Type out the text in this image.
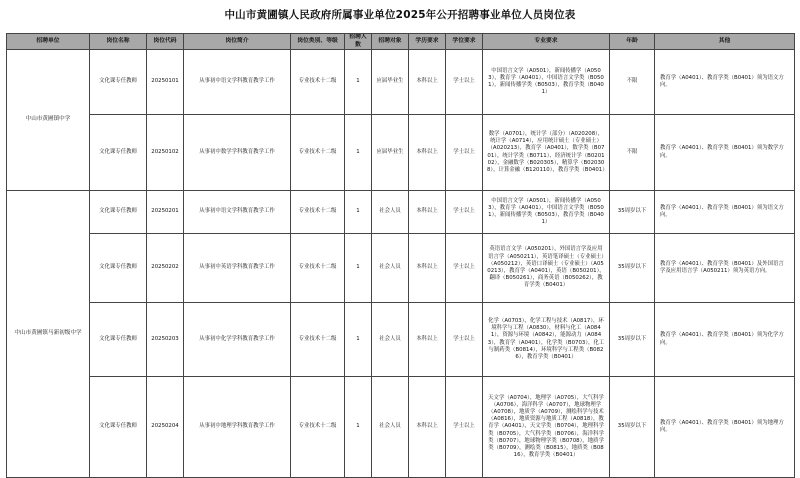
中山市黄圃镇人民政府所属事业单位2025年公开招聘事业单位人员岗位表
招聘单位	岗位名称	岗位代码	岗位简介	岗位类别、等级	招聘人数	招聘对象	学历要求	学位要求	专业要求	年龄	其他
中山市黄圃镇中学	文化课专任教师	20250101	从事初中语文学科教育教学工作	专业技术十二级	1	应届毕业生	本科以上	学士以上	中国语言文学（A0501），新闻传播学（A0503），教育学（A0401），中国语言文学类（B0501），新闻传播学类（B0503），教育学类（B0401）	不限	教育学（A0401）、教育学类（B0401）须为语文方向。
	文化课专任教师	20250102	从事初中数学学科教育教学工作	专业技术十二级	1	应届毕业生	本科以上	学士以上	数学（A0701），统计学（部分）（A020208），统计学（A0714），应用统计硕士（专业硕士）（A020213），教育学（A0401），数学类（B0701），统计学类（B0711），经济统计学（B020102），金融数学（B020305），精算学（B020308），计算金融（B120110），教育学类（B0401）	不限	教育学（A0401）、教育学类（B0401）须为数学方向。
中山市黄圃镇马新初级中学	文化课专任教师	20250201	从事初中语文学科教育教学工作	专业技术十二级	1	社会人员	本科以上	学士以上	中国语言文学（A0501），新闻传播学（A0503），教育学（A0401），中国语言文学类（B0501），新闻传播学类（B0503），教育学类（B0401）	35周岁以下	教育学（A0401）、教育学类（B0401）须为语文方向。
	文化课专任教师	20250202	从事初中英语学科教育教学工作	专业技术十二级	1	社会人员	本科以上	学士以上	英语语言文学（A050201），外国语言学及应用语言学（A050211），英语笔译硕士（专业硕士）（A050212），英语口译硕士（专业硕士）（A050213），教育学（A0401），英语（B050201），翻译（B050261），商务英语（B050262），教育学类（B0401）	35周岁以下	教育学（A0401）、教育学类（B0401）及外国语言学及应用语言学（A050211）须为英语方向。
	文化课专任教师	20250203	从事初中化学学科教育教学工作	专业技术十二级	1	社会人员	本科以上	学士以上	化学（A0703），化学工程与技术（A0817），环境科学与工程（A0830），材料与化工（A0841），资源与环境（A0842），能源动力（A0843），教育学（A0401），化学类（B0703），化工与制药类（B0814），环境科学与工程类（B0826），教育学类（B0401）	35周岁以下	教育学（A0401）、教育学类（B0401）须为化学方向。
	文化课专任教师	20250204	从事初中地理学科教育教学工作	专业技术十二级	1	社会人员	本科以上	学士以上	天文学（A0704），地理学（A0705），大气科学（A0706），海洋科学（A0707），地球物理学（A0708），地质学（A0709），测绘科学与技术（A0816），地质资源与地质工程（A0818），教育学（A0401），天文学类（B0704），地理科学类（B0705），大气科学类（B0706），海洋科学类（B0707），地球物理学类（B0708），地质学类（B0709），测绘类（B0815），地质类（B0816），教育学类（B0401）	35周岁以下	教育学（A0401）、教育学类（B0401）须为地理方向。
